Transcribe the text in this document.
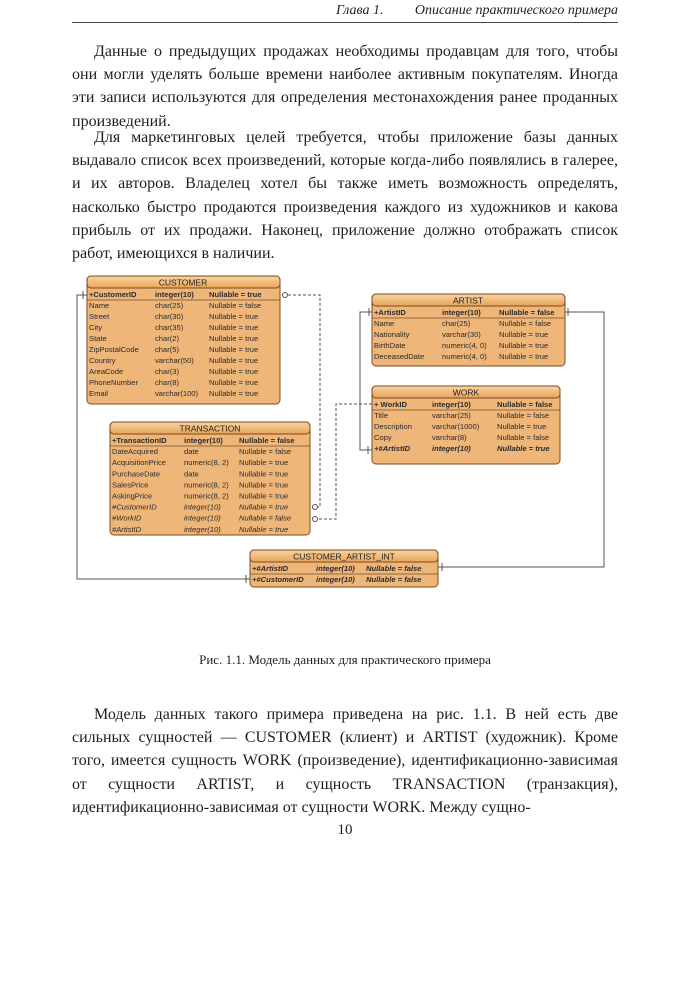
Глава 1. Описание практического примера

Данные о предыдущих продажах необходимы продавцам для того, чтобы они могли уделять больше времени наиболее активным покупателям. Иногда эти записи используются для определения местонахождения ранее проданных произведений.

Для маркетинговых целей требуется, чтобы приложение базы данных выдавало список всех произведений, которые когда-либо появлялись в галерее, и их авторов. Владелец хотел бы также иметь возможность определять, насколько быстро продаются произведения каждого из художников и какова прибыль от их продажи. Наконец, приложение должно отображать список работ, имеющихся в наличии.

CUSTOMER
TRANSACTION
ARTIST
WORK
CUSTOMER_ARTIST_INT
+CustomerID integer(10) Nullable = true
Name	char(25)	Nullable = false
Street	char(30)	Nullable = true
City	char(35)	Nullable = true
State	char(2)	Nullable = true
ZipPostalCode char(5)	Nullable = true
Country	varchar(50) Nullable = true
AreaCode	char(3)	Nullable = true
PhoneNumber char(8)	Nullable = true
Email	varchar(100) Nullable = true
+TransactionID integer(10) Nullable = false
DateAcquired	date	Nullable = false
AcquisitionPrice numeric(8, 2) Nullable = true
PurchaseDate	date	Nullable = true
SalesPrice	numeric(8, 2) Nullable = true
AskingPrice	numeric(8, 2) Nullable = true
#CustomerID	integer(10) Nullable = true
#WorkID	integer(10) Nullable = false
#ArtistID	integer(10) Nullable = true
+ArtistID	integer(10) Nullable = false
Name	char(25)	Nullable = false
Nationality	varchar(30) Nullable = true
BirthDate	numeric(4, 0) Nullable = true
DeceasedDate numeric(4, 0) Nullable = true
+ WorkID	integer(10)	Nullable = false
Title	varchar(25)	Nullable = false
Description	varchar(1000) Nullable = true
Copy	varchar(8)	Nullable = false
+#ArtistID	integer(10)	Nullable = true
+#ArtistID	integer(10) Nullable = false
+#CustomerID integer(10) Nullable = false
Рис. 1.1. Модель данных для практического примера

Модель данных такого примера приведена на рис. 1.1. В ней есть две сильных сущностей — CUSTOMER (клиент) и ARTIST (художник). Кроме того, имеется сущность WORK (произведение), идентификационно-зависимая от сущности ARTIST, и сущность TRANSACTION (транзакция), идентификационно-зависимая от сущности WORK. Между сущно-

10
